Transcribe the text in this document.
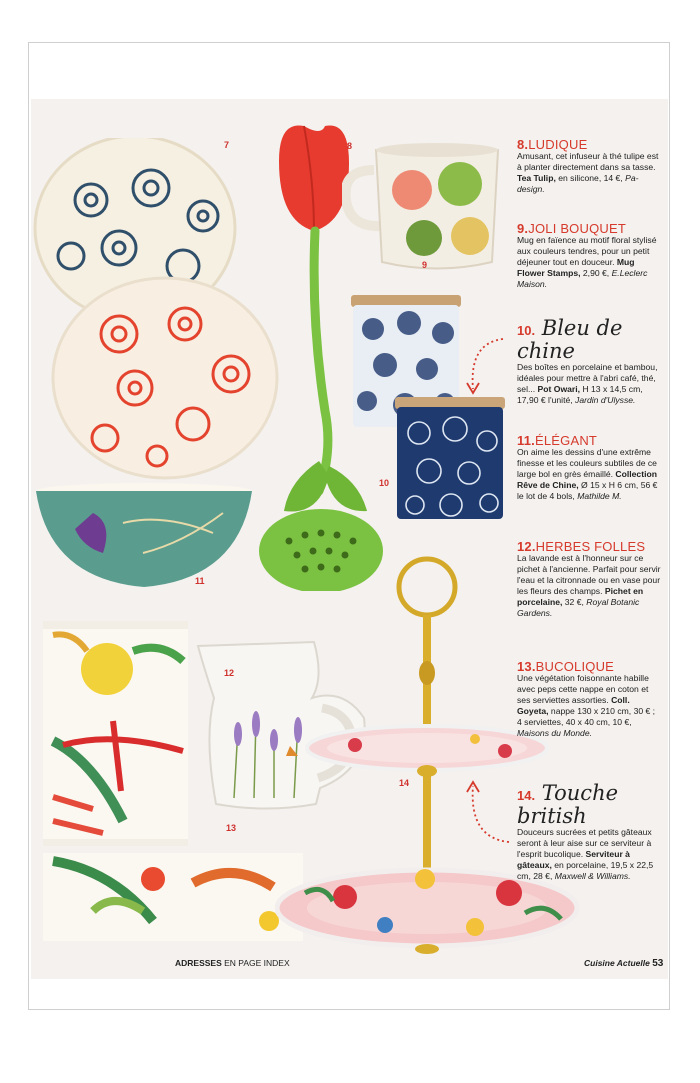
7	8
9
10
11
12
13
14
8.LUDIQUE
Amusant, cet infuseur à thé tulipe est à planter directement dans sa tasse. Tea Tulip, en silicone, 14 €, Pa-design.
9.JOLI BOUQUET
Mug en faïence au motif floral stylisé aux couleurs tendres, pour un petit déjeuner tout en douceur. Mug Flower Stamps, 2,90 €, E.Leclerc Maison.
10. Bleu de chine
Des boîtes en porcelaine et bambou, idéales pour mettre à l'abri café, thé, sel... Pot Owari, H 13 x 14,5 cm, 17,90 € l'unité, Jardin d'Ulysse.
11.ÉLÉGANT
On aime les dessins d'une extrême finesse et les couleurs subtiles de ce large bol en grès émaillé. Collection Rêve de Chine, Ø 15 x H 6 cm, 56 € le lot de 4 bols, Mathilde M.
12.HERBES FOLLES
La lavande est à l'honneur sur ce pichet à l'ancienne. Parfait pour servir l'eau et la citronnade ou en vase pour les fleurs des champs. Pichet en porcelaine, 32 €, Royal Botanic Gardens.
13.BUCOLIQUE
Une végétation foisonnante habille avec peps cette nappe en coton et ses serviettes assorties. Coll. Goyeta, nappe 130 x 210 cm, 30 € ; 4 serviettes, 40 x 40 cm, 10 €, Maisons du Monde.
14. Touche british
Douceurs sucrées et petits gâteaux seront à leur aise sur ce serviteur à l'esprit bucolique. Serviteur à gâteaux, en porcelaine, 19,5 x 22,5 cm, 28 €, Maxwell & Williams.
ADRESSES EN PAGE INDEX	Cuisine Actuelle 53
